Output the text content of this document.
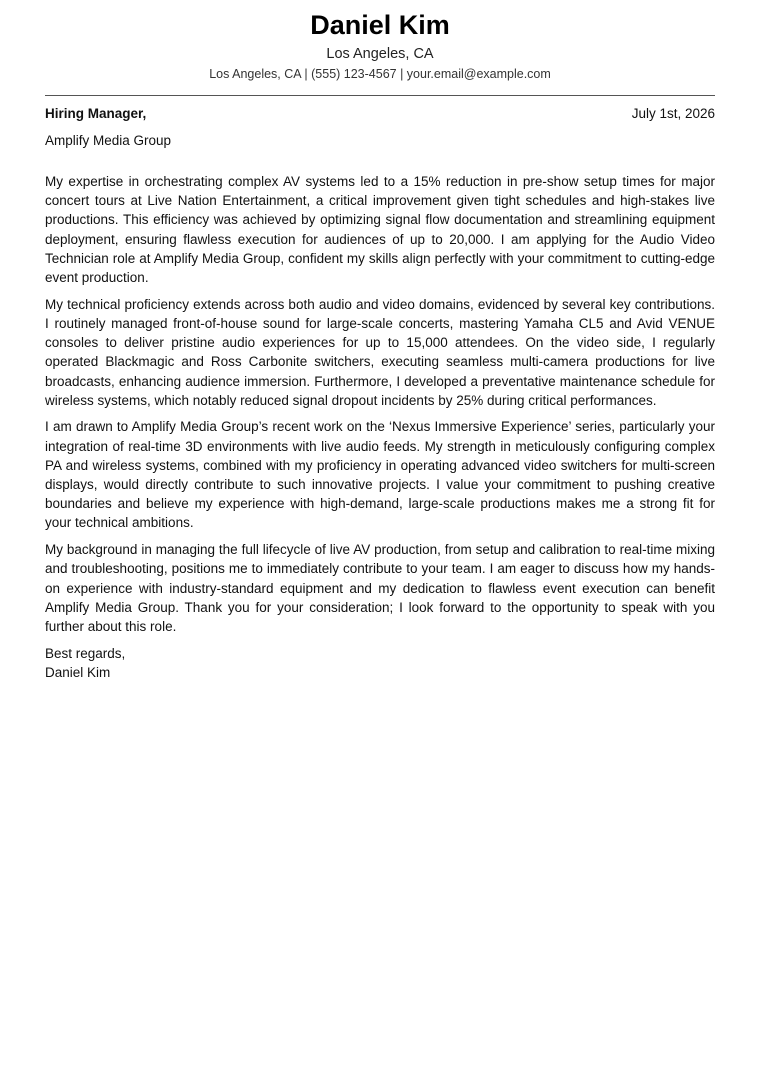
Daniel Kim
Los Angeles, CA
Los Angeles, CA | (555) 123-4567 | your.email@example.com
Hiring Manager,	July 1st, 2026
Amplify Media Group

My expertise in orchestrating complex AV systems led to a 15% reduction in pre-show setup times for major concert tours at Live Nation Entertainment, a critical improvement given tight schedules and high-stakes live productions. This efficiency was achieved by optimizing signal flow documentation and streamlining equipment deployment, ensuring flawless execution for audiences of up to 20,000. I am applying for the Audio Video Technician role at Amplify Media Group, confident my skills align perfectly with your commitment to cutting-edge event production.

My technical proficiency extends across both audio and video domains, evidenced by several key contributions. I routinely managed front-of-house sound for large-scale concerts, mastering Yamaha CL5 and Avid VENUE consoles to deliver pristine audio experiences for up to 15,000 attendees. On the video side, I regularly operated Blackmagic and Ross Carbonite switchers, executing seamless multi-camera productions for live broadcasts, enhancing audience immersion. Furthermore, I developed a preventative maintenance schedule for wireless systems, which notably reduced signal dropout incidents by 25% during critical performances.

I am drawn to Amplify Media Group’s recent work on the ‘Nexus Immersive Experience’ series, particularly your integration of real-time 3D environments with live audio feeds. My strength in meticulously configuring complex PA and wireless systems, combined with my proficiency in operating advanced video switchers for multi-screen displays, would directly contribute to such innovative projects. I value your commitment to pushing creative boundaries and believe my experience with high-demand, large-scale productions makes me a strong fit for your technical ambitions.

My background in managing the full lifecycle of live AV production, from setup and calibration to real-time mixing and troubleshooting, positions me to immediately contribute to your team. I am eager to discuss how my hands-on experience with industry-standard equipment and my dedication to flawless event execution can benefit Amplify Media Group. Thank you for your consideration; I look forward to the opportunity to speak with you further about this role.

Best regards,
Daniel Kim
